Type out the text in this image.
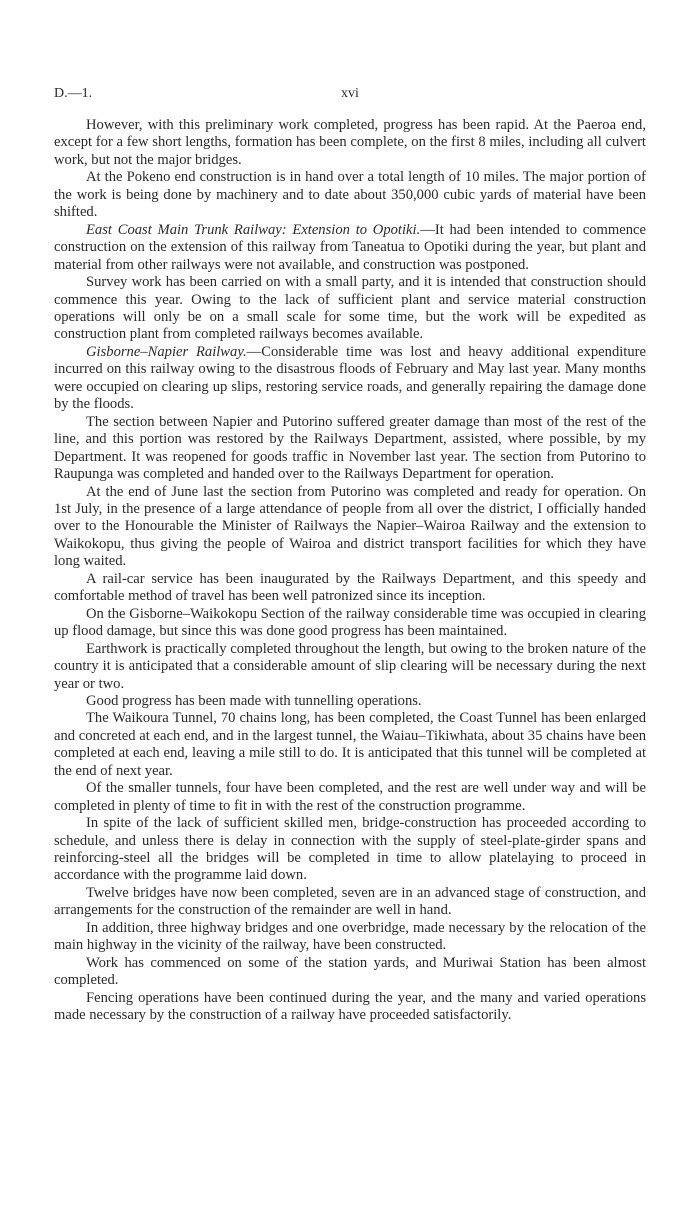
D.—1.	xvi

However, with this preliminary work completed, progress has been rapid. At the Paeroa end, except for a few short lengths, formation has been complete, on the first 8 miles, including all culvert work, but not the major bridges.

At the Pokeno end construction is in hand over a total length of 10 miles. The major portion of the work is being done by machinery and to date about 350,000 cubic yards of material have been shifted.

East Coast Main Trunk Railway: Extension to Opotiki.—It had been intended to commence construction on the extension of this railway from Taneatua to Opotiki during the year, but plant and material from other railways were not available, and construction was postponed.

Survey work has been carried on with a small party, and it is intended that construction should commence this year. Owing to the lack of sufficient plant and service material construction operations will only be on a small scale for some time, but the work will be expedited as construction plant from completed railways becomes available.

Gisborne–Napier Railway.—Considerable time was lost and heavy additional expenditure incurred on this railway owing to the disastrous floods of February and May last year. Many months were occupied on clearing up slips, restoring service roads, and generally repairing the damage done by the floods.

The section between Napier and Putorino suffered greater damage than most of the rest of the line, and this portion was restored by the Railways Department, assisted, where possible, by my Department. It was reopened for goods traffic in November last year. The section from Putorino to Raupunga was completed and handed over to the Railways Department for operation.

At the end of June last the section from Putorino was completed and ready for operation. On 1st July, in the presence of a large attendance of people from all over the district, I officially handed over to the Honourable the Minister of Railways the Napier–Wairoa Railway and the extension to Waikokopu, thus giving the people of Wairoa and district transport facilities for which they have long waited.

A rail-car service has been inaugurated by the Railways Department, and this speedy and comfortable method of travel has been well patronized since its inception.

On the Gisborne–Waikokopu Section of the railway considerable time was occupied in clearing up flood damage, but since this was done good progress has been maintained.

Earthwork is practically completed throughout the length, but owing to the broken nature of the country it is anticipated that a considerable amount of slip clearing will be necessary during the next year or two.

Good progress has been made with tunnelling operations.

The Waikoura Tunnel, 70 chains long, has been completed, the Coast Tunnel has been enlarged and concreted at each end, and in the largest tunnel, the Waiau–Tikiwhata, about 35 chains have been completed at each end, leaving a mile still to do. It is anticipated that this tunnel will be completed at the end of next year.

Of the smaller tunnels, four have been completed, and the rest are well under way and will be completed in plenty of time to fit in with the rest of the construction programme.

In spite of the lack of sufficient skilled men, bridge-construction has proceeded according to schedule, and unless there is delay in connection with the supply of steel-plate-girder spans and reinforcing-steel all the bridges will be completed in time to allow platelaying to proceed in accordance with the programme laid down.

Twelve bridges have now been completed, seven are in an advanced stage of construction, and arrangements for the construction of the remainder are well in hand.

In addition, three highway bridges and one overbridge, made necessary by the relocation of the main highway in the vicinity of the railway, have been constructed.

Work has commenced on some of the station yards, and Muriwai Station has been almost completed.

Fencing operations have been continued during the year, and the many and varied operations made necessary by the construction of a railway have proceeded satisfactorily.
